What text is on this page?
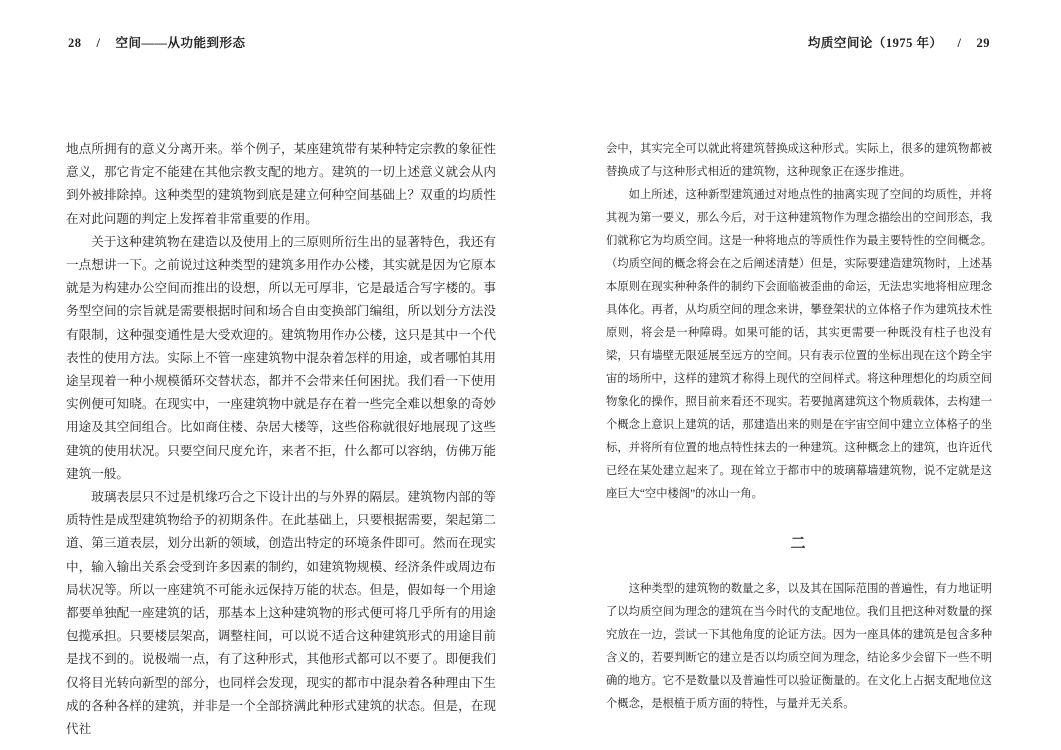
28 / 空间——从功能到形态	均质空间论（1975 年） / 29

地点所拥有的意义分离开来。举个例子，某座建筑带有某种特定宗教的象征性意义，那它肯定不能建在其他宗教支配的地方。建筑的一切上述意义就会从内到外被排除掉。这种类型的建筑物到底是建立何种空间基础上？双重的均质性在对此问题的判定上发挥着非常重要的作用。

关于这种建筑物在建造以及使用上的三原则所衍生出的显著特色，我还有一点想讲一下。之前说过这种类型的建筑多用作办公楼，其实就是因为它原本就是为构建办公空间而推出的设想，所以无可厚非，它是最适合写字楼的。事务型空间的宗旨就是需要根据时间和场合自由变换部门编组，所以划分方法没有限制，这种强变通性是大受欢迎的。建筑物用作办公楼，这只是其中一个代表性的使用方法。实际上不管一座建筑物中混杂着怎样的用途，或者哪怕其用途呈现着一种小规模循环交替状态，都并不会带来任何困扰。我们看一下使用实例便可知晓。在现实中，一座建筑物中就是存在着一些完全难以想象的奇妙用途及其空间组合。比如商住楼、杂居大楼等，这些俗称就很好地展现了这些建筑的使用状况。只要空间尺度允许，来者不拒，什么都可以容纳，仿佛万能建筑一般。

玻璃表层只不过是机缘巧合之下设计出的与外界的隔层。建筑物内部的等质特性是成型建筑物给予的初期条件。在此基础上，只要根据需要，架起第二道、第三道表层，划分出新的领域，创造出特定的环境条件即可。然而在现实中，输入输出关系会受到许多因素的制约，如建筑物规模、经济条件或周边布局状况等。所以一座建筑不可能永远保持万能的状态。但是，假如每一个用途都要单独配一座建筑的话，那基本上这种建筑物的形式便可将几乎所有的用途包揽承担。只要楼层架高，调整柱间，可以说不适合这种建筑形式的用途目前是找不到的。说极端一点，有了这种形式，其他形式都可以不要了。即便我们仅将目光转向新型的部分，也同样会发现，现实的都市中混杂着各种理由下生成的各种各样的建筑，并非是一个全部挤满此种形式建筑的状态。但是，在现代社

会中，其实完全可以就此将建筑替换成这种形式。实际上，很多的建筑物都被替换成了与这种形式相近的建筑物，这种现象正在逐步推进。

如上所述，这种新型建筑通过对地点性的抽离实现了空间的均质性，并将其视为第一要义，那么今后，对于这种建筑物作为理念描绘出的空间形态，我们就称它为均质空间。这是一种将地点的等质性作为最主要特性的空间概念。（均质空间的概念将会在之后阐述清楚）但是，实际要建造建筑物时，上述基本原则在现实种种条件的制约下会面临被歪曲的命运，无法忠实地将相应理念具体化。再者，从均质空间的理念来讲，攀登架状的立体格子作为建筑技术性原则，将会是一种障碍。如果可能的话，其实更需要一种既没有柱子也没有梁，只有墙壁无限延展至远方的空间。只有表示位置的坐标出现在这个跨全宇宙的场所中，这样的建筑才称得上现代的空间样式。将这种理想化的均质空间物象化的操作，照目前来看还不现实。若要抛离建筑这个物质载体，去构建一个概念上意识上建筑的话，那建造出来的则是在宇宙空间中建立立体格子的坐标，并将所有位置的地点特性抹去的一种建筑。这种概念上的建筑，也许近代已经在某处建立起来了。现在耸立于都市中的玻璃幕墙建筑物，说不定就是这座巨大“空中楼阁”的冰山一角。

二

这种类型的建筑物的数量之多，以及其在国际范围的普遍性，有力地证明了以均质空间为理念的建筑在当今时代的支配地位。我们且把这种对数量的探究放在一边，尝试一下其他角度的论证方法。因为一座具体的建筑是包含多种含义的，若要判断它的建立是否以均质空间为理念，结论多少会留下一些不明确的地方。它不是数量以及普遍性可以验证衡量的。在文化上占据支配地位这个概念，是根植于质方面的特性，与量并无关系。
